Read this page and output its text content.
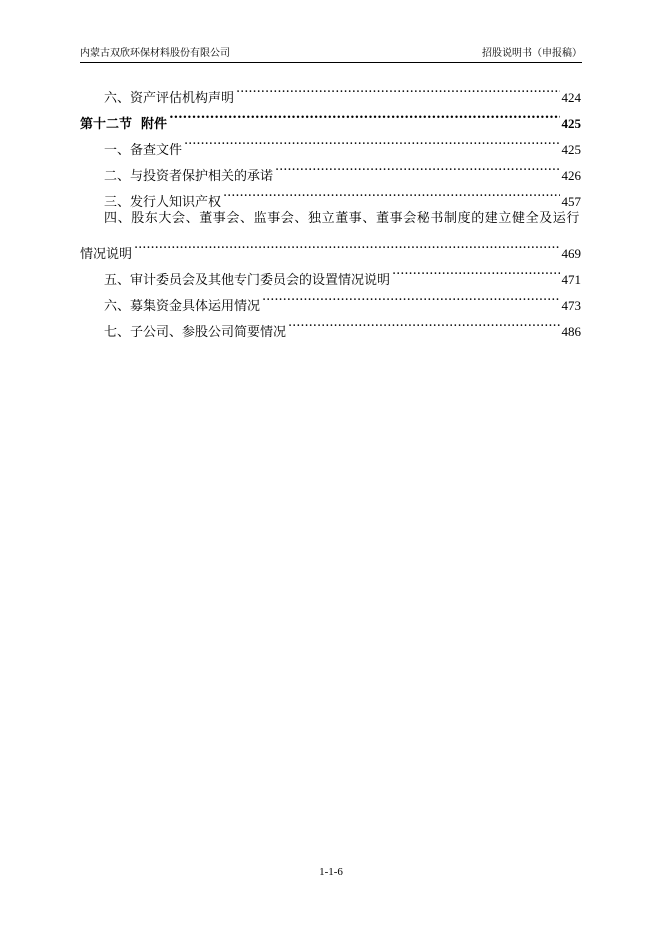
内蒙古双欣环保材料股份有限公司	招股说明书（申报稿）
六、资产评估机构声明 .....	424
第十二节  附件 .....	425
一、备查文件 .....	425
二、与投资者保护相关的承诺 .....	426
三、发行人知识产权 .....	457
四、股东大会、董事会、监事会、独立董事、董事会秘书制度的建立健全及运行
情况说明 .....	469
五、审计委员会及其他专门委员会的设置情况说明 .....	471
六、募集资金具体运用情况 .....	473
七、子公司、参股公司简要情况 .....	486
1-1-6
